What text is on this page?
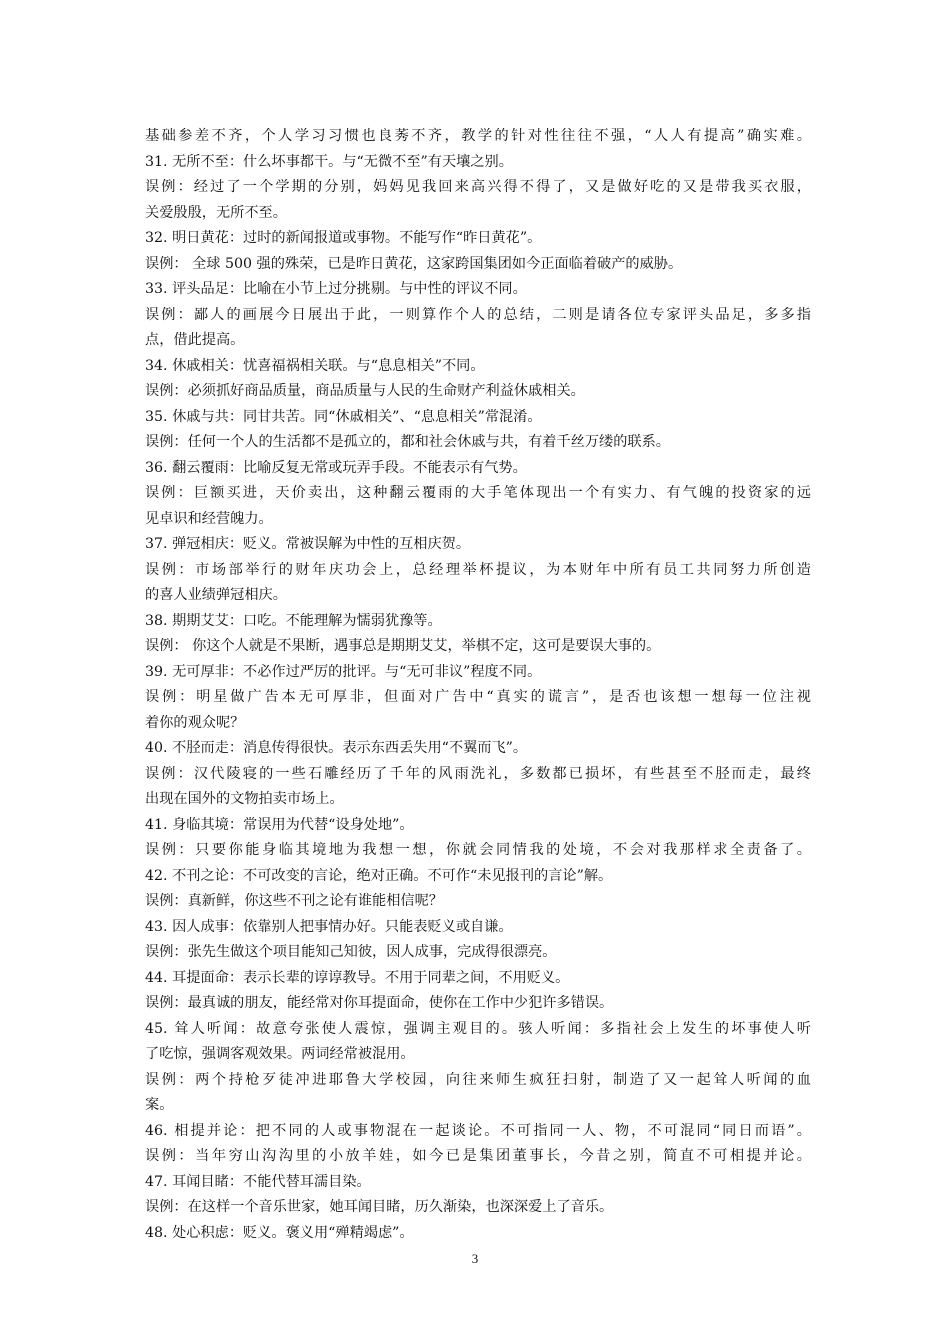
基础参差不齐，个人学习习惯也良莠不齐，教学的针对性往往不强，“人人有提高”确实难。
31. 无所不至：什么坏事都干。与“无微不至”有天壤之别。
误例：经过了一个学期的分别，妈妈见我回来高兴得不得了，又是做好吃的又是带我买衣服，
关爱殷殷，无所不至。
32. 明日黄花：过时的新闻报道或事物。不能写作“昨日黄花”。
误例： 全球 500 强的殊荣，已是昨日黄花，这家跨国集团如今正面临着破产的威胁。
33. 评头品足：比喻在小节上过分挑剔。与中性的评议不同。
误例：鄙人的画展今日展出于此，一则算作个人的总结，二则是请各位专家评头品足，多多指
点，借此提高。
34. 休戚相关：忧喜福祸相关联。与“息息相关”不同。
误例：必须抓好商品质量，商品质量与人民的生命财产利益休戚相关。
35. 休戚与共：同甘共苦。同“休戚相关”、“息息相关”常混淆。
误例：任何一个人的生活都不是孤立的，都和社会休戚与共，有着千丝万缕的联系。
36. 翻云覆雨：比喻反复无常或玩弄手段。不能表示有气势。
误例：巨额买进，天价卖出，这种翻云覆雨的大手笔体现出一个有实力、有气魄的投资家的远
见卓识和经营魄力。
37. 弹冠相庆：贬义。常被误解为中性的互相庆贺。
误例：市场部举行的财年庆功会上，总经理举杯提议，为本财年中所有员工共同努力所创造
的喜人业绩弹冠相庆。
38. 期期艾艾：口吃。不能理解为懦弱犹豫等。
误例： 你这个人就是不果断，遇事总是期期艾艾，举棋不定，这可是要误大事的。
39. 无可厚非：不必作过严厉的批评。与“无可非议”程度不同。
误例：明星做广告本无可厚非，但面对广告中“真实的谎言”，是否也该想一想每一位注视
着你的观众呢？
40. 不胫而走：消息传得很快。表示东西丢失用“不翼而飞”。
误例：汉代陵寝的一些石雕经历了千年的风雨洗礼，多数都已损坏，有些甚至不胫而走，最终
出现在国外的文物拍卖市场上。
41. 身临其境：常误用为代替“设身处地”。
误例：只要你能身临其境地为我想一想，你就会同情我的处境，不会对我那样求全责备了。
42. 不刊之论：不可改变的言论，绝对正确。不可作“未见报刊的言论”解。
误例：真新鲜，你这些不刊之论有谁能相信呢？
43. 因人成事：依靠别人把事情办好。只能表贬义或自谦。
误例：张先生做这个项目能知己知彼，因人成事，完成得很漂亮。
44. 耳提面命：表示长辈的谆谆教导。不用于同辈之间，不用贬义。
误例：最真诚的朋友，能经常对你耳提面命，使你在工作中少犯许多错误。
45. 耸人听闻：故意夸张使人震惊，强调主观目的。骇人听闻：多指社会上发生的坏事使人听
了吃惊，强调客观效果。两词经常被混用。
误例：两个持枪歹徒冲进耶鲁大学校园，向往来师生疯狂扫射，制造了又一起耸人听闻的血
案。
46. 相提并论：把不同的人或事物混在一起谈论。不可指同一人、物，不可混同“同日而语”。
误例：当年穷山沟沟里的小放羊娃，如今已是集团董事长，今昔之别，简直不可相提并论。
47. 耳闻目睹：不能代替耳濡目染。
误例：在这样一个音乐世家，她耳闻目睹，历久渐染，也深深爱上了音乐。
48. 处心积虑：贬义。褒义用“殚精竭虑”。
3
